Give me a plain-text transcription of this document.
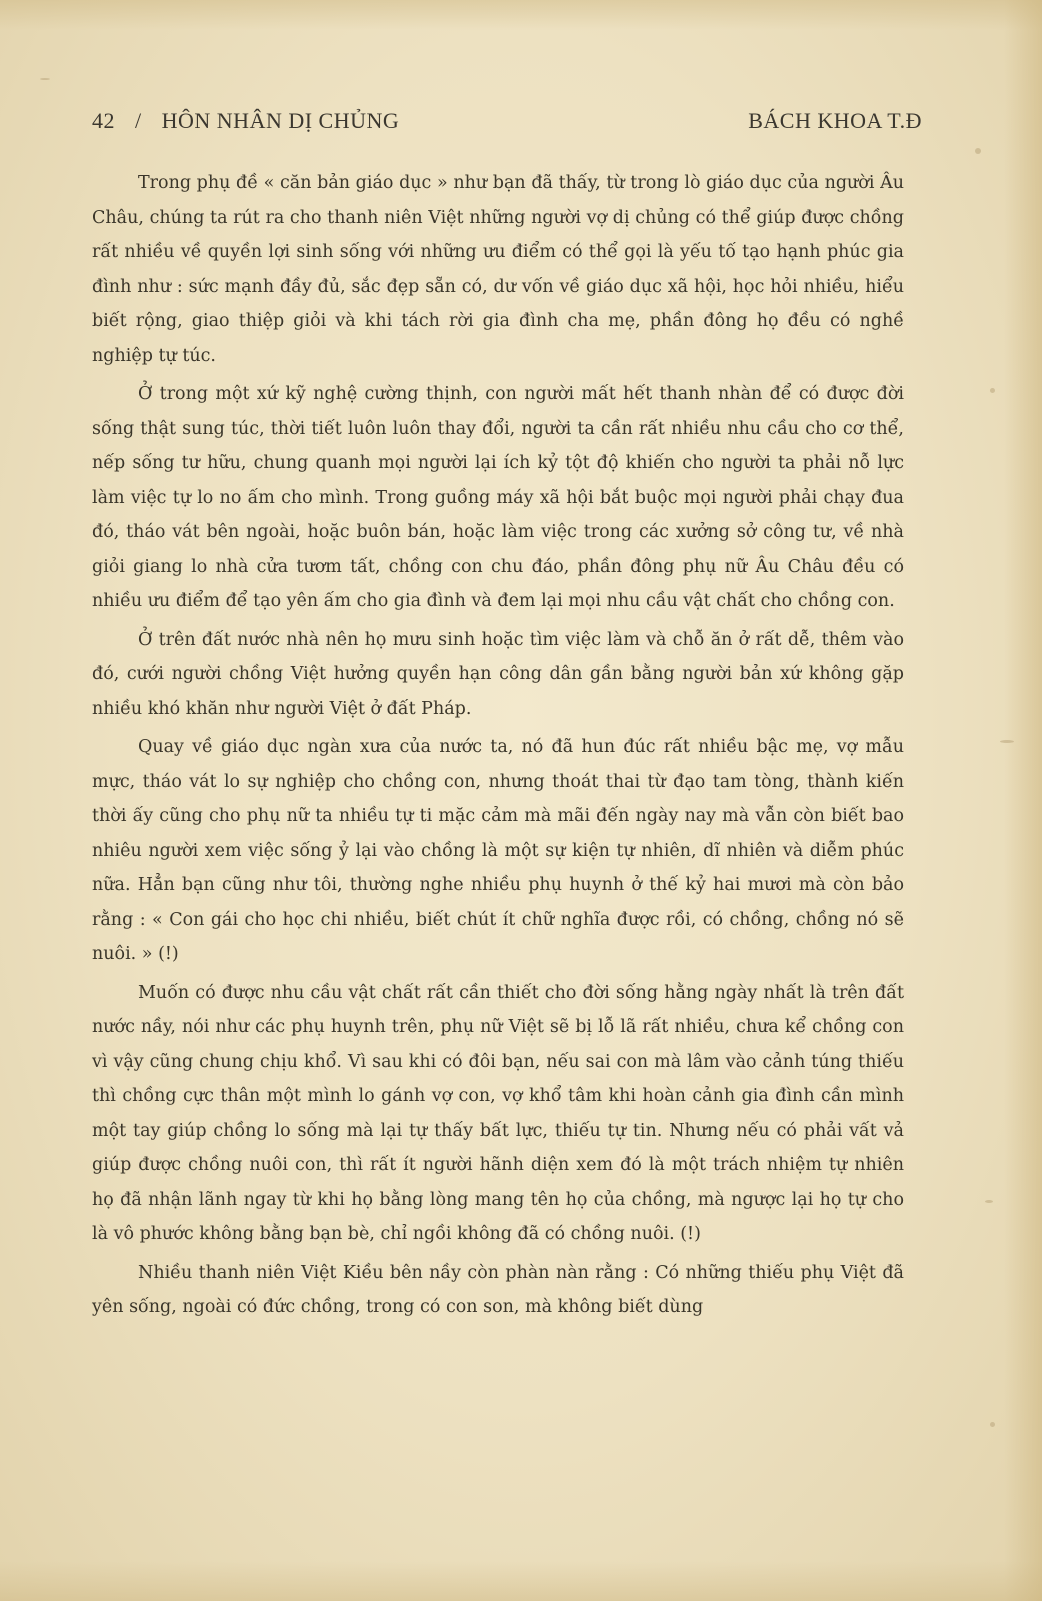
42 / HÔN NHÂN DỊ CHỦNG	BÁCH KHOA T.Đ

Trong phụ đề « căn bản giáo dục » như bạn đã thấy, từ trong lò giáo dục của người Âu Châu, chúng ta rút ra cho thanh niên Việt những người vợ dị chủng có thể giúp được chồng rất nhiều về quyền lợi sinh sống với những ưu điểm có thể gọi là yếu tố tạo hạnh phúc gia đình như : sức mạnh đầy đủ, sắc đẹp sẵn có, dư vốn về giáo dục xã hội, học hỏi nhiều, hiểu biết rộng, giao thiệp giỏi và khi tách rời gia đình cha mẹ, phần đông họ đều có nghề nghiệp tự túc.

Ở trong một xứ kỹ nghệ cường thịnh, con người mất hết thanh nhàn để có được đời sống thật sung túc, thời tiết luôn luôn thay đổi, người ta cần rất nhiều nhu cầu cho cơ thể, nếp sống tư hữu, chung quanh mọi người lại ích kỷ tột độ khiến cho người ta phải nỗ lực làm việc tự lo no ấm cho mình. Trong guồng máy xã hội bắt buộc mọi người phải chạy đua đó, tháo vát bên ngoài, hoặc buôn bán, hoặc làm việc trong các xưởng sở công tư, về nhà giỏi giang lo nhà cửa tươm tất, chồng con chu đáo, phần đông phụ nữ Âu Châu đều có nhiều ưu điểm để tạo yên ấm cho gia đình và đem lại mọi nhu cầu vật chất cho chồng con.

Ở trên đất nước nhà nên họ mưu sinh hoặc tìm việc làm và chỗ ăn ở rất dễ, thêm vào đó, cưới người chồng Việt hưởng quyền hạn công dân gần bằng người bản xứ không gặp nhiều khó khăn như người Việt ở đất Pháp.

Quay về giáo dục ngàn xưa của nước ta, nó đã hun đúc rất nhiều bậc mẹ, vợ mẫu mực, tháo vát lo sự nghiệp cho chồng con, nhưng thoát thai từ đạo tam tòng, thành kiến thời ấy cũng cho phụ nữ ta nhiều tự ti mặc cảm mà mãi đến ngày nay mà vẫn còn biết bao nhiêu người xem việc sống ỷ lại vào chồng là một sự kiện tự nhiên, dĩ nhiên và diễm phúc nữa. Hẳn bạn cũng như tôi, thường nghe nhiều phụ huynh ở thế kỷ hai mươi mà còn bảo rằng : « Con gái cho học chi nhiều, biết chút ít chữ nghĩa được rồi, có chồng, chồng nó sẽ nuôi. » (!)

Muốn có được nhu cầu vật chất rất cần thiết cho đời sống hằng ngày nhất là trên đất nước nầy, nói như các phụ huynh trên, phụ nữ Việt sẽ bị lỗ lã rất nhiều, chưa kể chồng con vì vậy cũng chung chịu khổ. Vì sau khi có đôi bạn, nếu sai con mà lâm vào cảnh túng thiếu thì chồng cực thân một mình lo gánh vợ con, vợ khổ tâm khi hoàn cảnh gia đình cần mình một tay giúp chồng lo sống mà lại tự thấy bất lực, thiếu tự tin. Nhưng nếu có phải vất vả giúp được chồng nuôi con, thì rất ít người hãnh diện xem đó là một trách nhiệm tự nhiên họ đã nhận lãnh ngay từ khi họ bằng lòng mang tên họ của chồng, mà ngược lại họ tự cho là vô phước không bằng bạn bè, chỉ ngồi không đã có chồng nuôi. (!)

Nhiều thanh niên Việt Kiều bên nầy còn phàn nàn rằng : Có những thiếu phụ Việt đã yên sống, ngoài có đức chồng, trong có con son, mà không biết dùng
